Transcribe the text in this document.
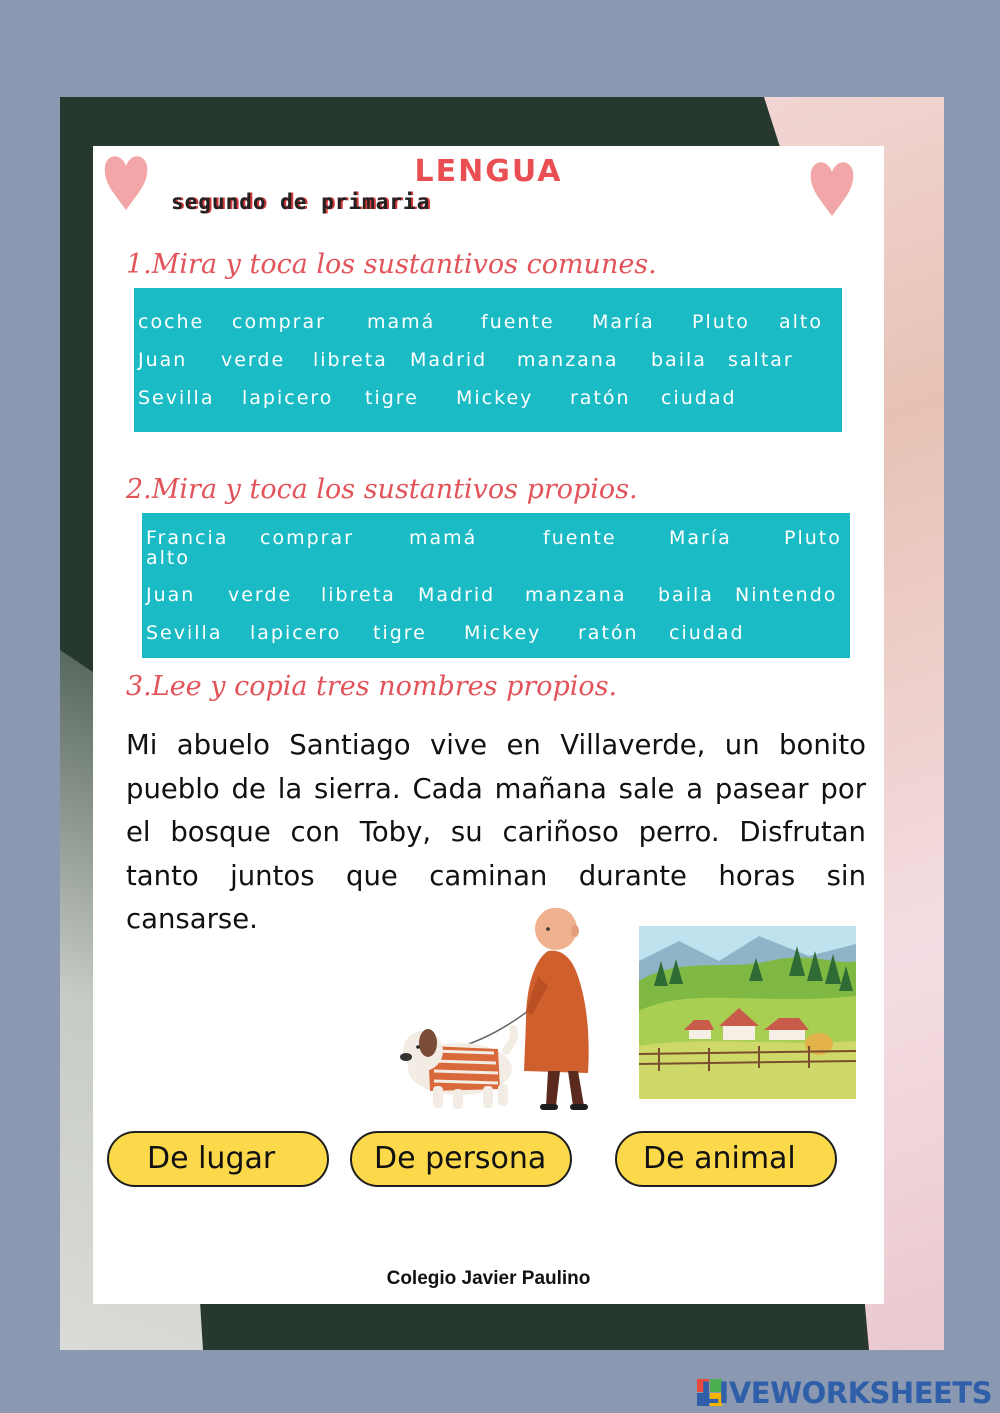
LENGUA
segundo de primaria
1.Mira y toca los sustantivos comunes.
coche comprar mamá fuente María Pluto alto
Juan verde libreta Madrid manzana baila saltar
Sevilla lapicero tigre Mickey ratón ciudad
2.Mira y toca los sustantivos propios.
Francia comprar	mamá	fuente	María	Pluto
alto
Juan verde libreta Madrid manzana baila Nintendo
Sevilla lapicero tigre Mickey ratón ciudad
3.Lee y copia tres nombres propios.
Mi abuelo Santiago vive en Villaverde, un bonito pueblo de la sierra. Cada mañana sale a pasear por el bosque con Toby, su cariñoso perro. Disfrutan tanto juntos que caminan durante horas sin cansarse.
De lugar	De persona	De animal
Colegio Javier Paulino
LIVEWORKSHEETS
